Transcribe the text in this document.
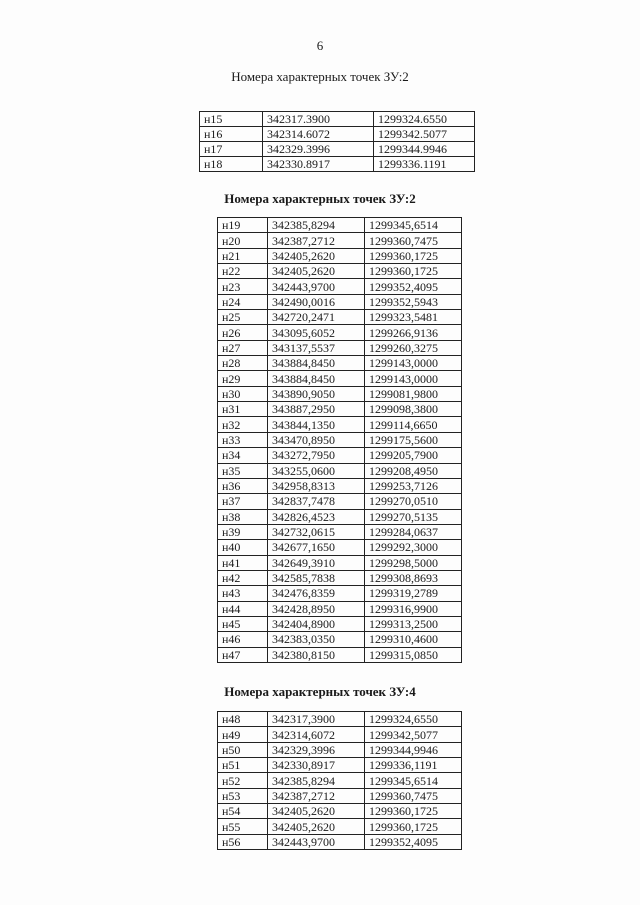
6
Номера характерных точек ЗУ:2
н15	342317.3900	1299324.6550
н16	342314.6072	1299342.5077
н17	342329.3996	1299344.9946
н18	342330.8917	1299336.1191
Номера характерных точек ЗУ:2
н19	342385,8294	1299345,6514
н20	342387,2712	1299360,7475
н21	342405,2620	1299360,1725
н22	342405,2620	1299360,1725
н23	342443,9700	1299352,4095
н24	342490,0016	1299352,5943
н25	342720,2471	1299323,5481
н26	343095,6052	1299266,9136
н27	343137,5537	1299260,3275
н28	343884,8450	1299143,0000
н29	343884,8450	1299143,0000
н30	343890,9050	1299081,9800
н31	343887,2950	1299098,3800
н32	343844,1350	1299114,6650
н33	343470,8950	1299175,5600
н34	343272,7950	1299205,7900
н35	343255,0600	1299208,4950
н36	342958,8313	1299253,7126
н37	342837,7478	1299270,0510
н38	342826,4523	1299270,5135
н39	342732,0615	1299284,0637
н40	342677,1650	1299292,3000
н41	342649,3910	1299298,5000
н42	342585,7838	1299308,8693
н43	342476,8359	1299319,2789
н44	342428,8950	1299316,9900
н45	342404,8900	1299313,2500
н46	342383,0350	1299310,4600
н47	342380,8150	1299315,0850
Номера характерных точек ЗУ:4
н48	342317,3900	1299324,6550
н49	342314,6072	1299342,5077
н50	342329,3996	1299344,9946
н51	342330,8917	1299336,1191
н52	342385,8294	1299345,6514
н53	342387,2712	1299360,7475
н54	342405,2620	1299360,1725
н55	342405,2620	1299360,1725
н56	342443,9700	1299352,4095
